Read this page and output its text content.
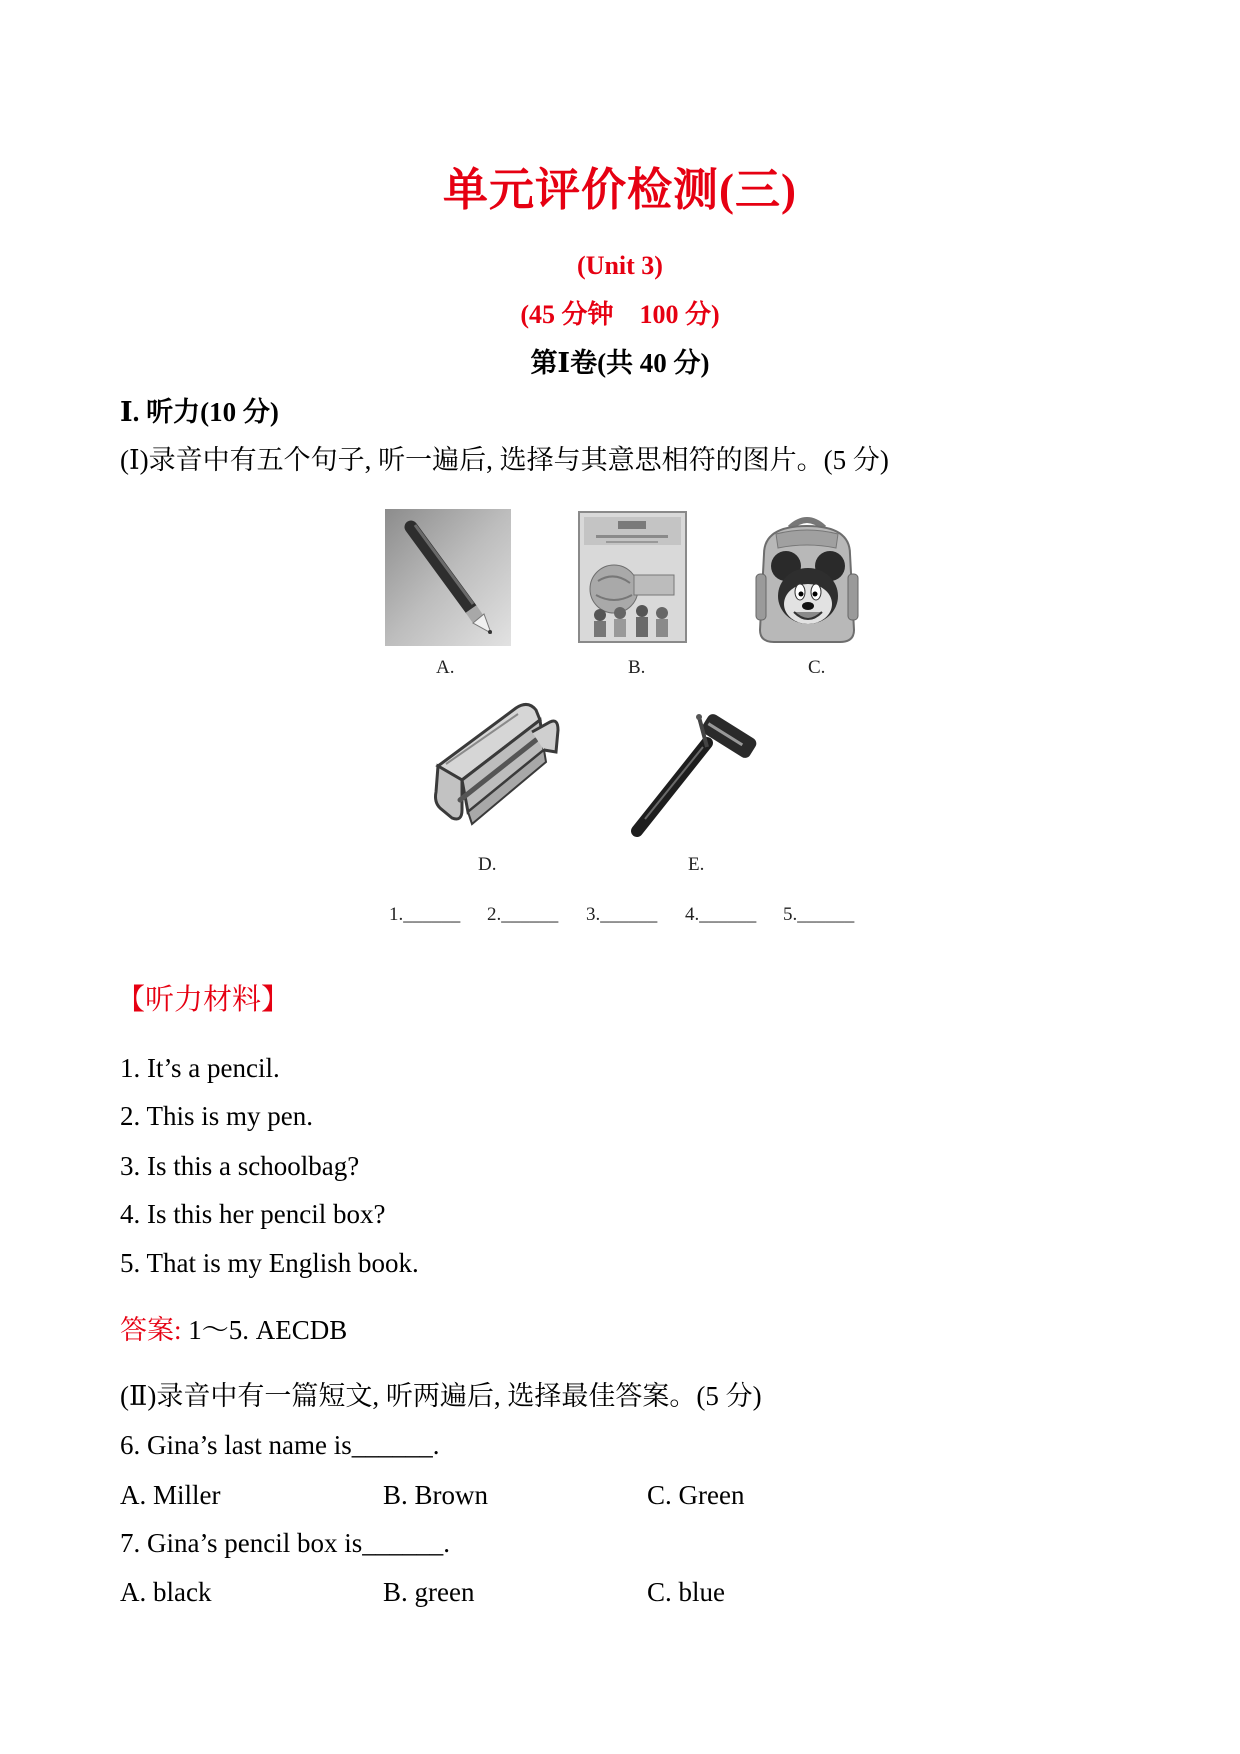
单元评价检测(三)
(Unit 3)
(45 分钟　100 分)
第Ⅰ卷(共 40 分)
Ⅰ. 听力(10 分)
(Ⅰ)录音中有五个句子, 听一遍后, 选择与其意思相符的图片。(5 分)
A.	B.	C.
D.	E.
1.______ 2.______ 3.______ 4.______ 5.______
【听力材料】
1. It’s a pencil.
2. This is my pen.
3. Is this a schoolbag?
4. Is this her pencil box?
5. That is my English book.
答案: 1～5. AECDB
(Ⅱ)录音中有一篇短文, 听两遍后, 选择最佳答案。(5 分)
6. Gina’s last name is______.
A. Miller	B. Brown	C. Green
7. Gina’s pencil box is______.
A. black	B. green	C. blue
